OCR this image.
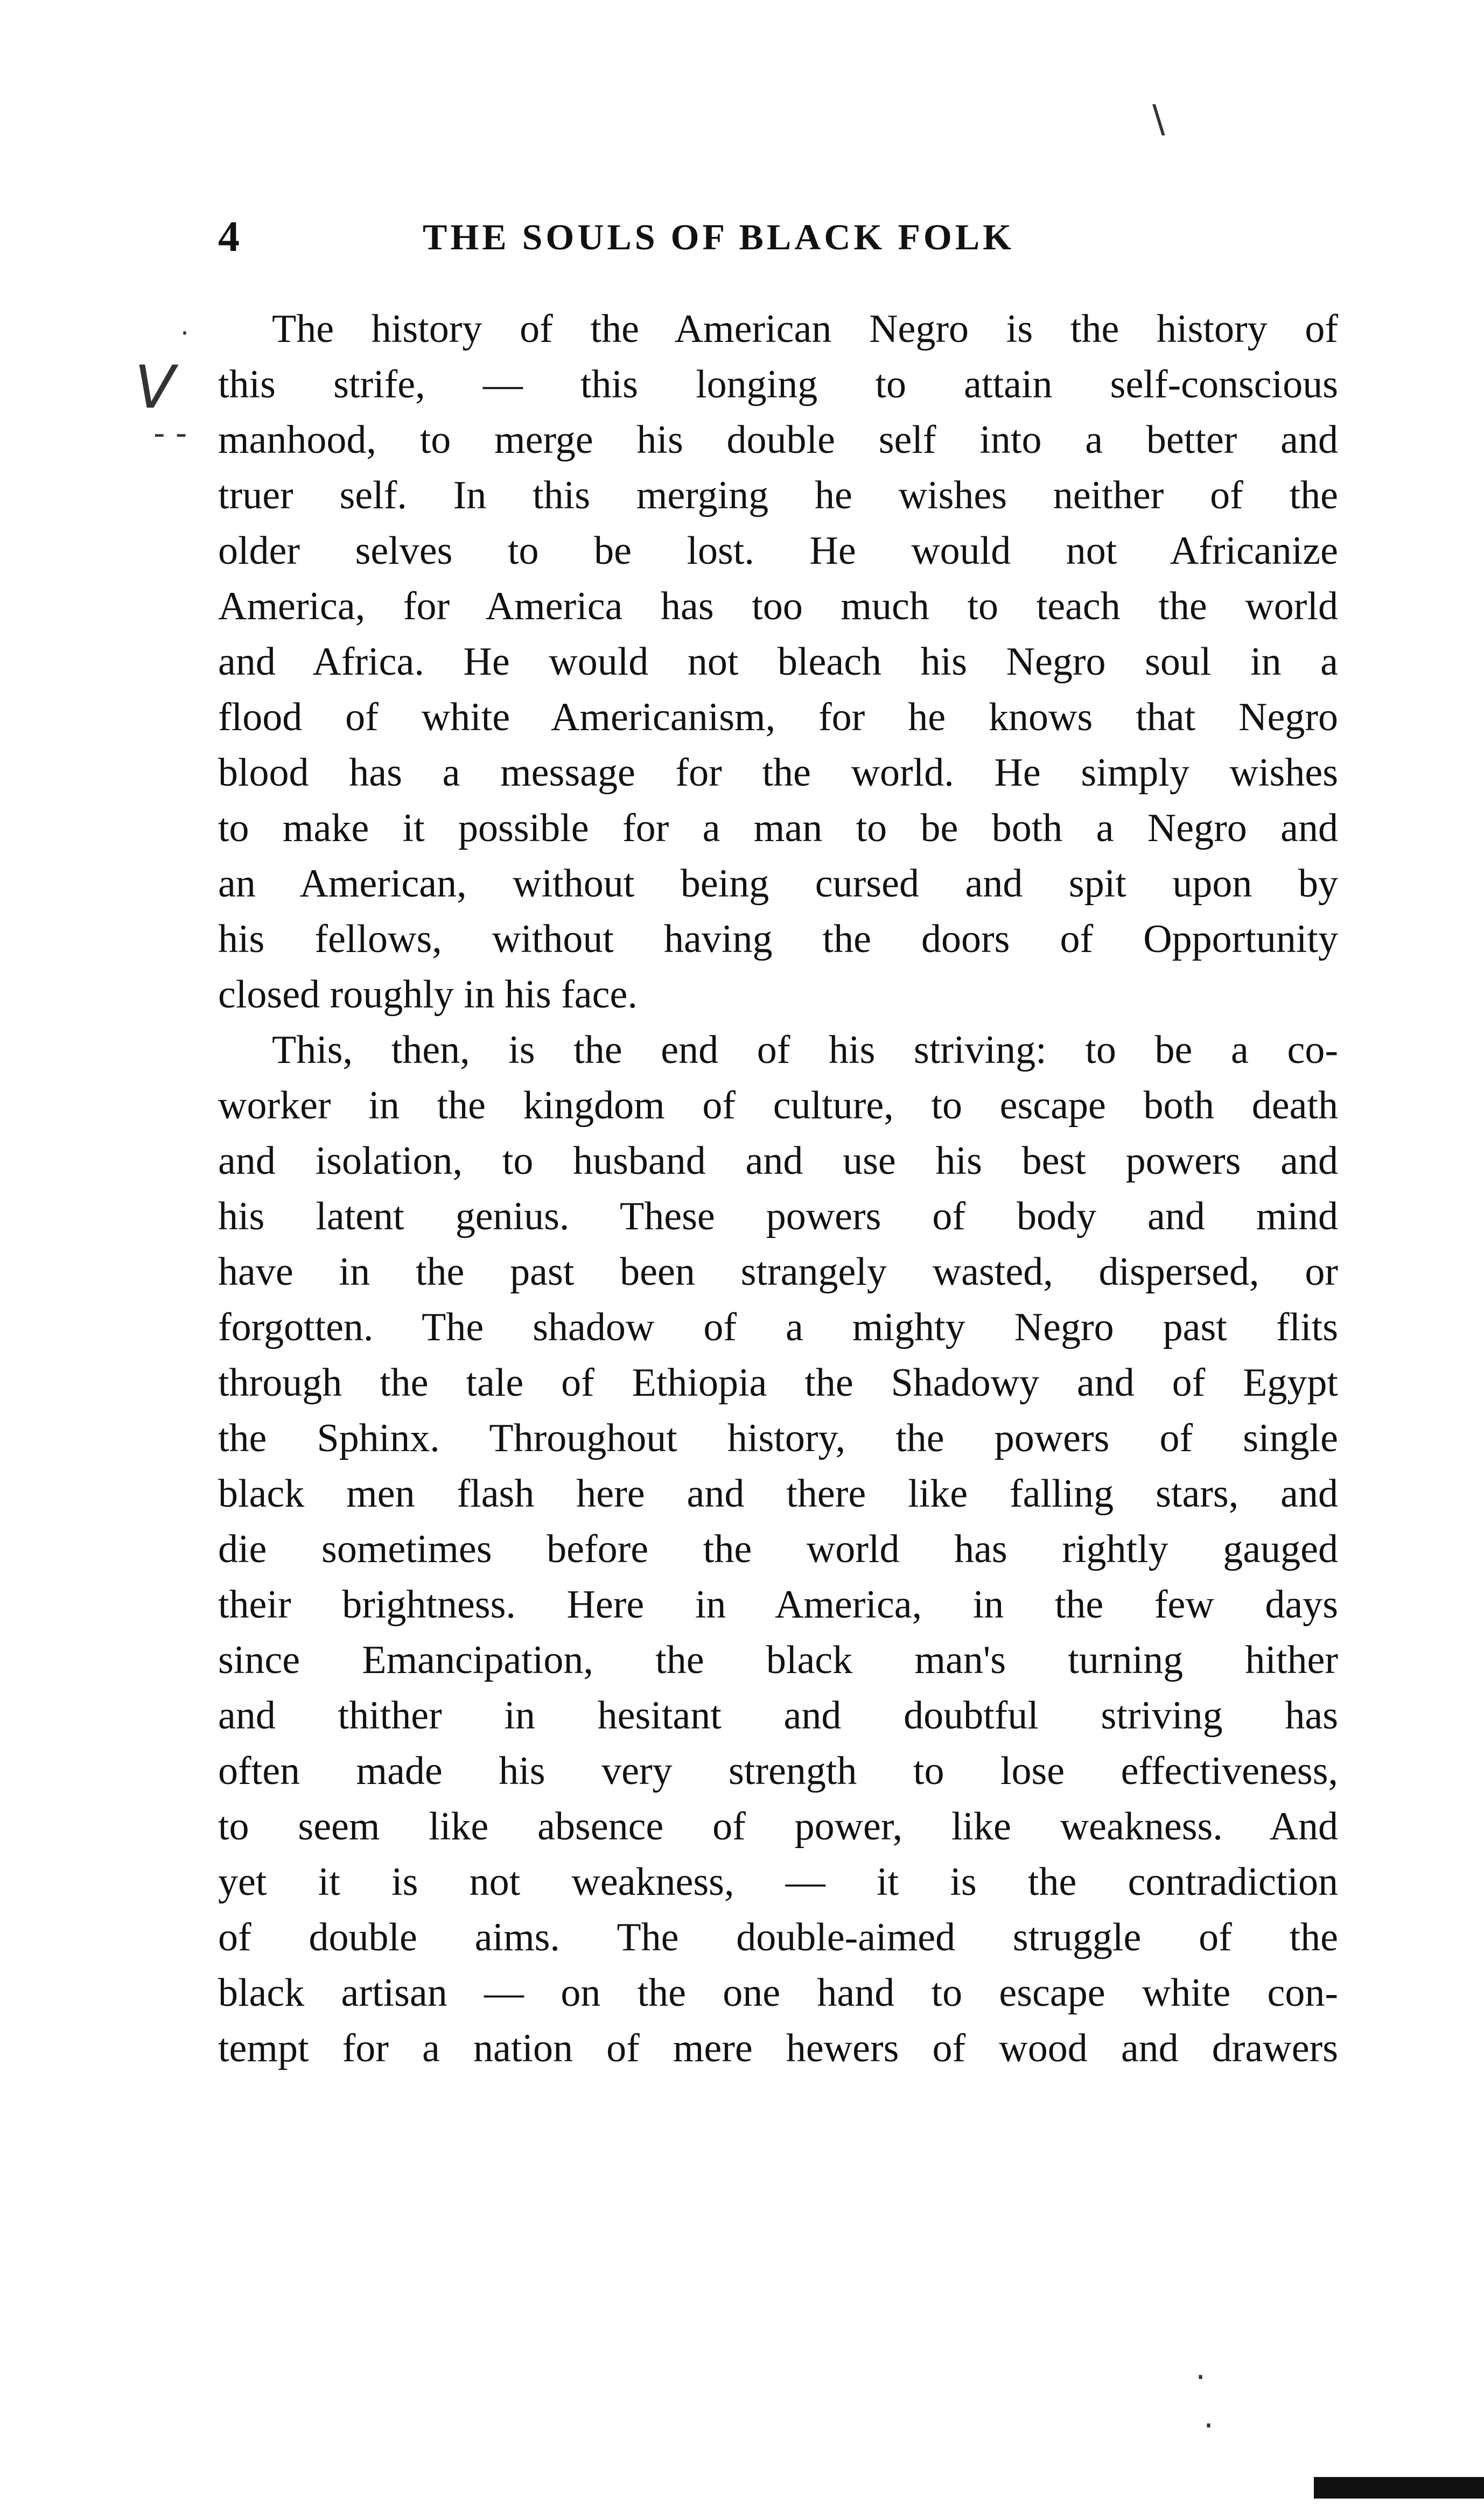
4	THE SOULS OF BLACK FOLK
\
·
V
- -
·
·
The history of the American Negro is the history of
this strife, — this longing to attain self-conscious
manhood, to merge his double self into a better and
truer self. In this merging he wishes neither of the
older selves to be lost. He would not Africanize
America, for America has too much to teach the world
and Africa. He would not bleach his Negro soul in a
flood of white Americanism, for he knows that Negro
blood has a message for the world. He simply wishes
to make it possible for a man to be both a Negro and
an American, without being cursed and spit upon by
his fellows, without having the doors of Opportunity
closed roughly in his face.
This, then, is the end of his striving: to be a co-
worker in the kingdom of culture, to escape both death
and isolation, to husband and use his best powers and
his latent genius. These powers of body and mind
have in the past been strangely wasted, dispersed, or
forgotten. The shadow of a mighty Negro past flits
through the tale of Ethiopia the Shadowy and of Egypt
the Sphinx. Throughout history, the powers of single
black men flash here and there like falling stars, and
die sometimes before the world has rightly gauged
their brightness. Here in America, in the few days
since Emancipation, the black man's turning hither
and thither in hesitant and doubtful striving has
often made his very strength to lose effectiveness,
to seem like absence of power, like weakness. And
yet it is not weakness, — it is the contradiction
of double aims. The double-aimed struggle of the
black artisan — on the one hand to escape white con-
tempt for a nation of mere hewers of wood and drawers
